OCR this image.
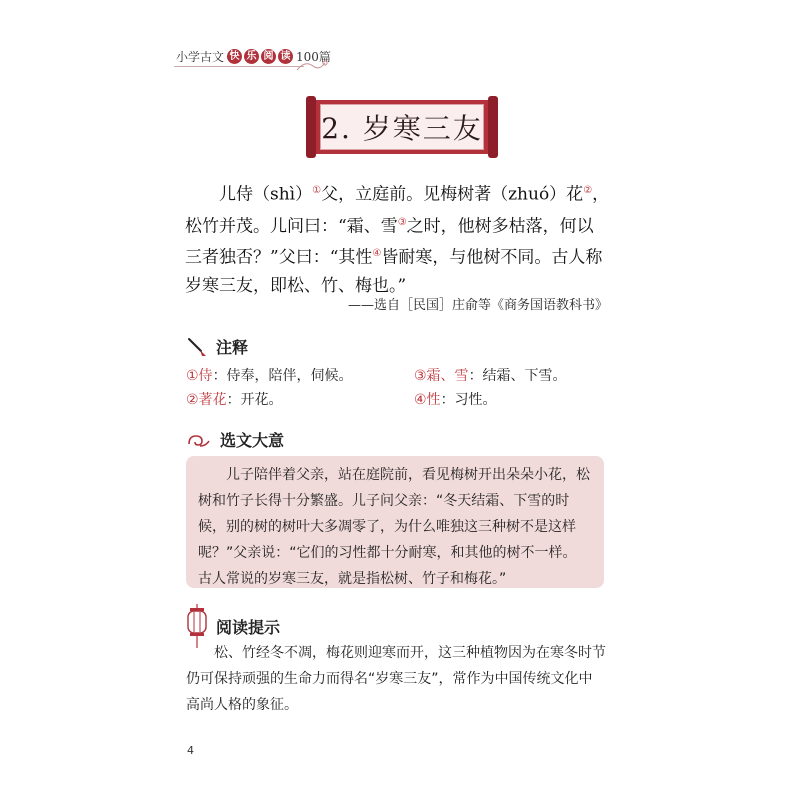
小学古文 快 乐 阅 读 100篇
2. 岁寒三友

儿侍（shì）①父，立庭前。见梅树著（zhuó）花②，松竹并茂。儿问曰：“霜、雪③之时，他树多枯落，何以三者独否？”父曰：“其性④皆耐寒，与他树不同。古人称岁寒三友，即松、竹、梅也。”

——选自［民国］庄俞等《商务国语教科书》
注释
①侍：侍奉，陪伴，伺候。	③霜、雪：结霜、下雪。
②著花：开花。	④性：习性。
选文大意
儿子陪伴着父亲，站在庭院前，看见梅树开出朵朵小花，松树和竹子长得十分繁盛。儿子问父亲：“冬天结霜、下雪的时候，别的树的树叶大多凋零了，为什么唯独这三种树不是这样呢？”父亲说：“它们的习性都十分耐寒，和其他的树不一样。古人常说的岁寒三友，就是指松树、竹子和梅花。”
阅读提示
松、竹经冬不凋，梅花则迎寒而开，这三种植物因为在寒冬时节仍可保持顽强的生命力而得名“岁寒三友”，常作为中国传统文化中高尚人格的象征。
4
